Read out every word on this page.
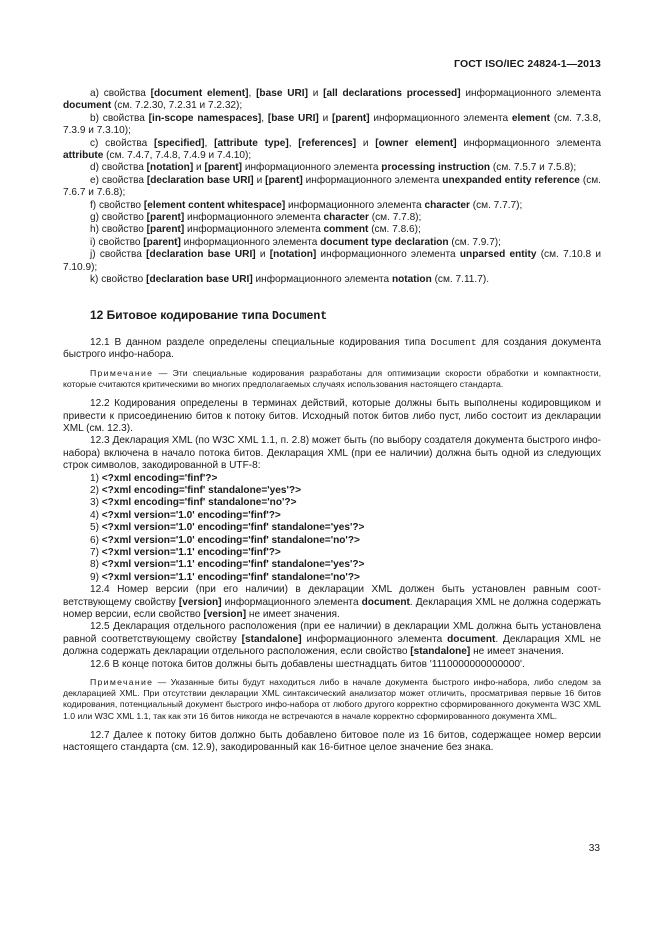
ГОСТ ISO/IEC 24824-1—2013

а) свойства [document element], [base URI] и [all declarations processed] информационного элемента document (см. 7.2.30, 7.2.31 и 7.2.32);

b) свойства [in-scope namespaces], [base URI] и [parent] информационного элемента element (см. 7.3.8, 7.3.9 и 7.3.10);

c) свойства [specified], [attribute type], [references] и [owner element] информационного элемента attribute (см. 7.4.7, 7.4.8, 7.4.9 и 7.4.10);

d) свойства [notation] и [parent] информационного элемента processing instruction (см. 7.5.7 и 7.5.8);

e) свойства [declaration base URI] и [parent] информационного элемента unexpanded entity reference (см. 7.6.7 и 7.6.8);

f) свойство [element content whitespace] информационного элемента character (см. 7.7.7);

g) свойство [parent] информационного элемента character (см. 7.7.8);

h) свойство [parent] информационного элемента comment (см. 7.8.6);

i) свойство [parent] информационного элемента document type declaration (см. 7.9.7);

j) свойства [declaration base URI] и [notation] информационного элемента unparsed entity (см. 7.10.8 и 7.10.9);

k) свойство [declaration base URI] информационного элемента notation (см. 7.11.7).

12 Битовое кодирование типа Document

12.1 В данном разделе определены специальные кодирования типа Document для создания документа быстрого инфо-набора.

Примечание — Эти специальные кодирования разработаны для оптимизации скорости обработки и компактности, которые считаются критическими во многих предполагаемых случаях использования настоящего стандарта.

12.2 Кодирования определены в терминах действий, которые должны быть выполнены кодировщиком и привести к присоединению битов к потоку битов. Исходный поток битов либо пуст, либо состоит из декларации XML (см. 12.3).

12.3 Декларация XML (по W3C XML 1.1, п. 2.8) может быть (по выбору создателя документа быстрого инфо-набора) включена в начало потока битов. Декларация XML (при ее наличии) должна быть одной из следующих строк символов, закодированной в UTF-8:

1) <?xml encoding='finf'?>

2) <?xml encoding='finf' standalone='yes'?>

3) <?xml encoding='finf' standalone='no'?>

4) <?xml version='1.0' encoding='finf'?>

5) <?xml version='1.0' encoding='finf' standalone='yes'?>

6) <?xml version='1.0' encoding='finf' standalone='no'?>

7) <?xml version='1.1' encoding='finf'?>

8) <?xml version='1.1' encoding='finf' standalone='yes'?>

9) <?xml version='1.1' encoding='finf' standalone='no'?>

12.4 Номер версии (при его наличии) в декларации XML должен быть установлен равным соответствующему свойству [version] информационного элемента document. Декларация XML не должна содержать номер версии, если свойство [version] не имеет значения.

12.5 Декларация отдельного расположения (при ее наличии) в декларации XML должна быть установлена равной соответствующему свойству [standalone] информационного элемента document. Декларация XML не должна содержать декларации отдельного расположения, если свойство [standalone] не имеет значения.

12.6 В конце потока битов должны быть добавлены шестнадцать битов '1110000000000000'.

Примечание — Указанные биты будут находиться либо в начале документа быстрого инфо-набора, либо следом за декларацией XML. При отсутствии декларации XML синтаксический анализатор может отличить, просматривая первые 16 битов кодирования, потенциальный документ быстрого инфо-набора от любого другого корректно сформированного документа W3C XML 1.0 или W3C XML 1.1, так как эти 16 битов никогда не встречаются в начале корректно сформированного документа XML.

12.7 Далее к потоку битов должно быть добавлено битовое поле из 16 битов, содержащее номер версии настоящего стандарта (см. 12.9), закодированный как 16-битное целое значение без знака.

33
